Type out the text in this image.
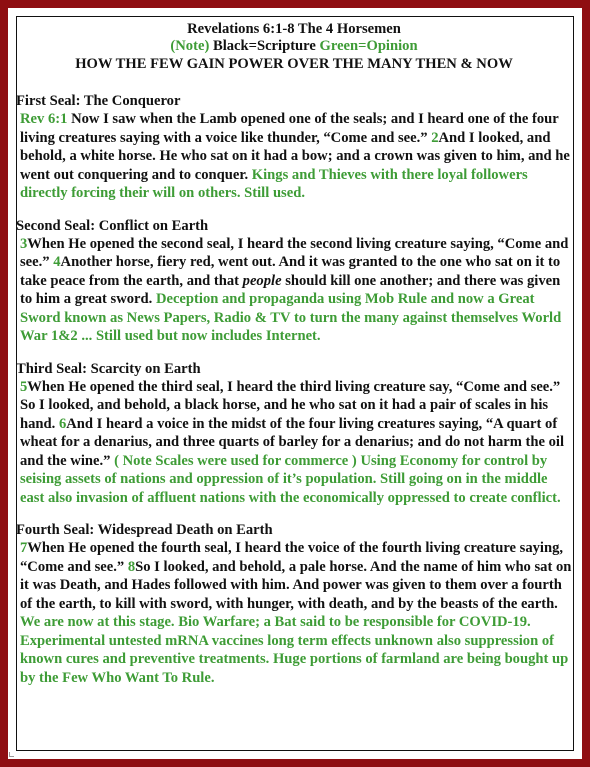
Revelations 6:1-8 The 4 Horsemen
(Note) Black=Scripture Green=Opinion
HOW THE FEW GAIN POWER OVER THE MANY THEN & NOW
First Seal: The Conqueror

Rev 6:1 Now I saw when the Lamb opened one of the seals; and I heard one of the four living creatures saying with a voice like thunder, “Come and see.” 2And I looked, and behold, a white horse. He who sat on it had a bow; and a crown was given to him, and he went out conquering and to conquer. Kings and Thieves with there loyal followers directly forcing their will on others. Still used.

Second Seal: Conflict on Earth

3When He opened the second seal, I heard the second living creature saying, “Come and see.” 4Another horse, fiery red, went out. And it was granted to the one who sat on it to take peace from the earth, and that people should kill one another; and there was given to him a great sword. Deception and propaganda using Mob Rule and now a Great Sword known as News Papers, Radio & TV to turn the many against themselves World War 1&2 ... Still used but now includes Internet.

Third Seal: Scarcity on Earth

5When He opened the third seal, I heard the third living creature say, “Come and see.” So I looked, and behold, a black horse, and he who sat on it had a pair of scales in his hand. 6And I heard a voice in the midst of the four living creatures saying, “A quart of wheat for a denarius, and three quarts of barley for a denarius; and do not harm the oil and the wine.” ( Note Scales were used for commerce ) Using Economy for control by seising assets of nations and oppression of it’s population. Still going on in the middle east also invasion of affluent nations with the economically oppressed to create conflict.

Fourth Seal: Widespread Death on Earth

7When He opened the fourth seal, I heard the voice of the fourth living creature saying, “Come and see.” 8So I looked, and behold, a pale horse. And the name of him who sat on it was Death, and Hades followed with him. And power was given to them over a fourth of the earth, to kill with sword, with hunger, with death, and by the beasts of the earth. We are now at this stage. Bio Warfare; a Bat said to be responsible for COVID-19. Experimental untested mRNA vaccines long term effects unknown also suppression of known cures and preventive treatments. Huge portions of farmland are being bought up by the Few Who Want To Rule.
